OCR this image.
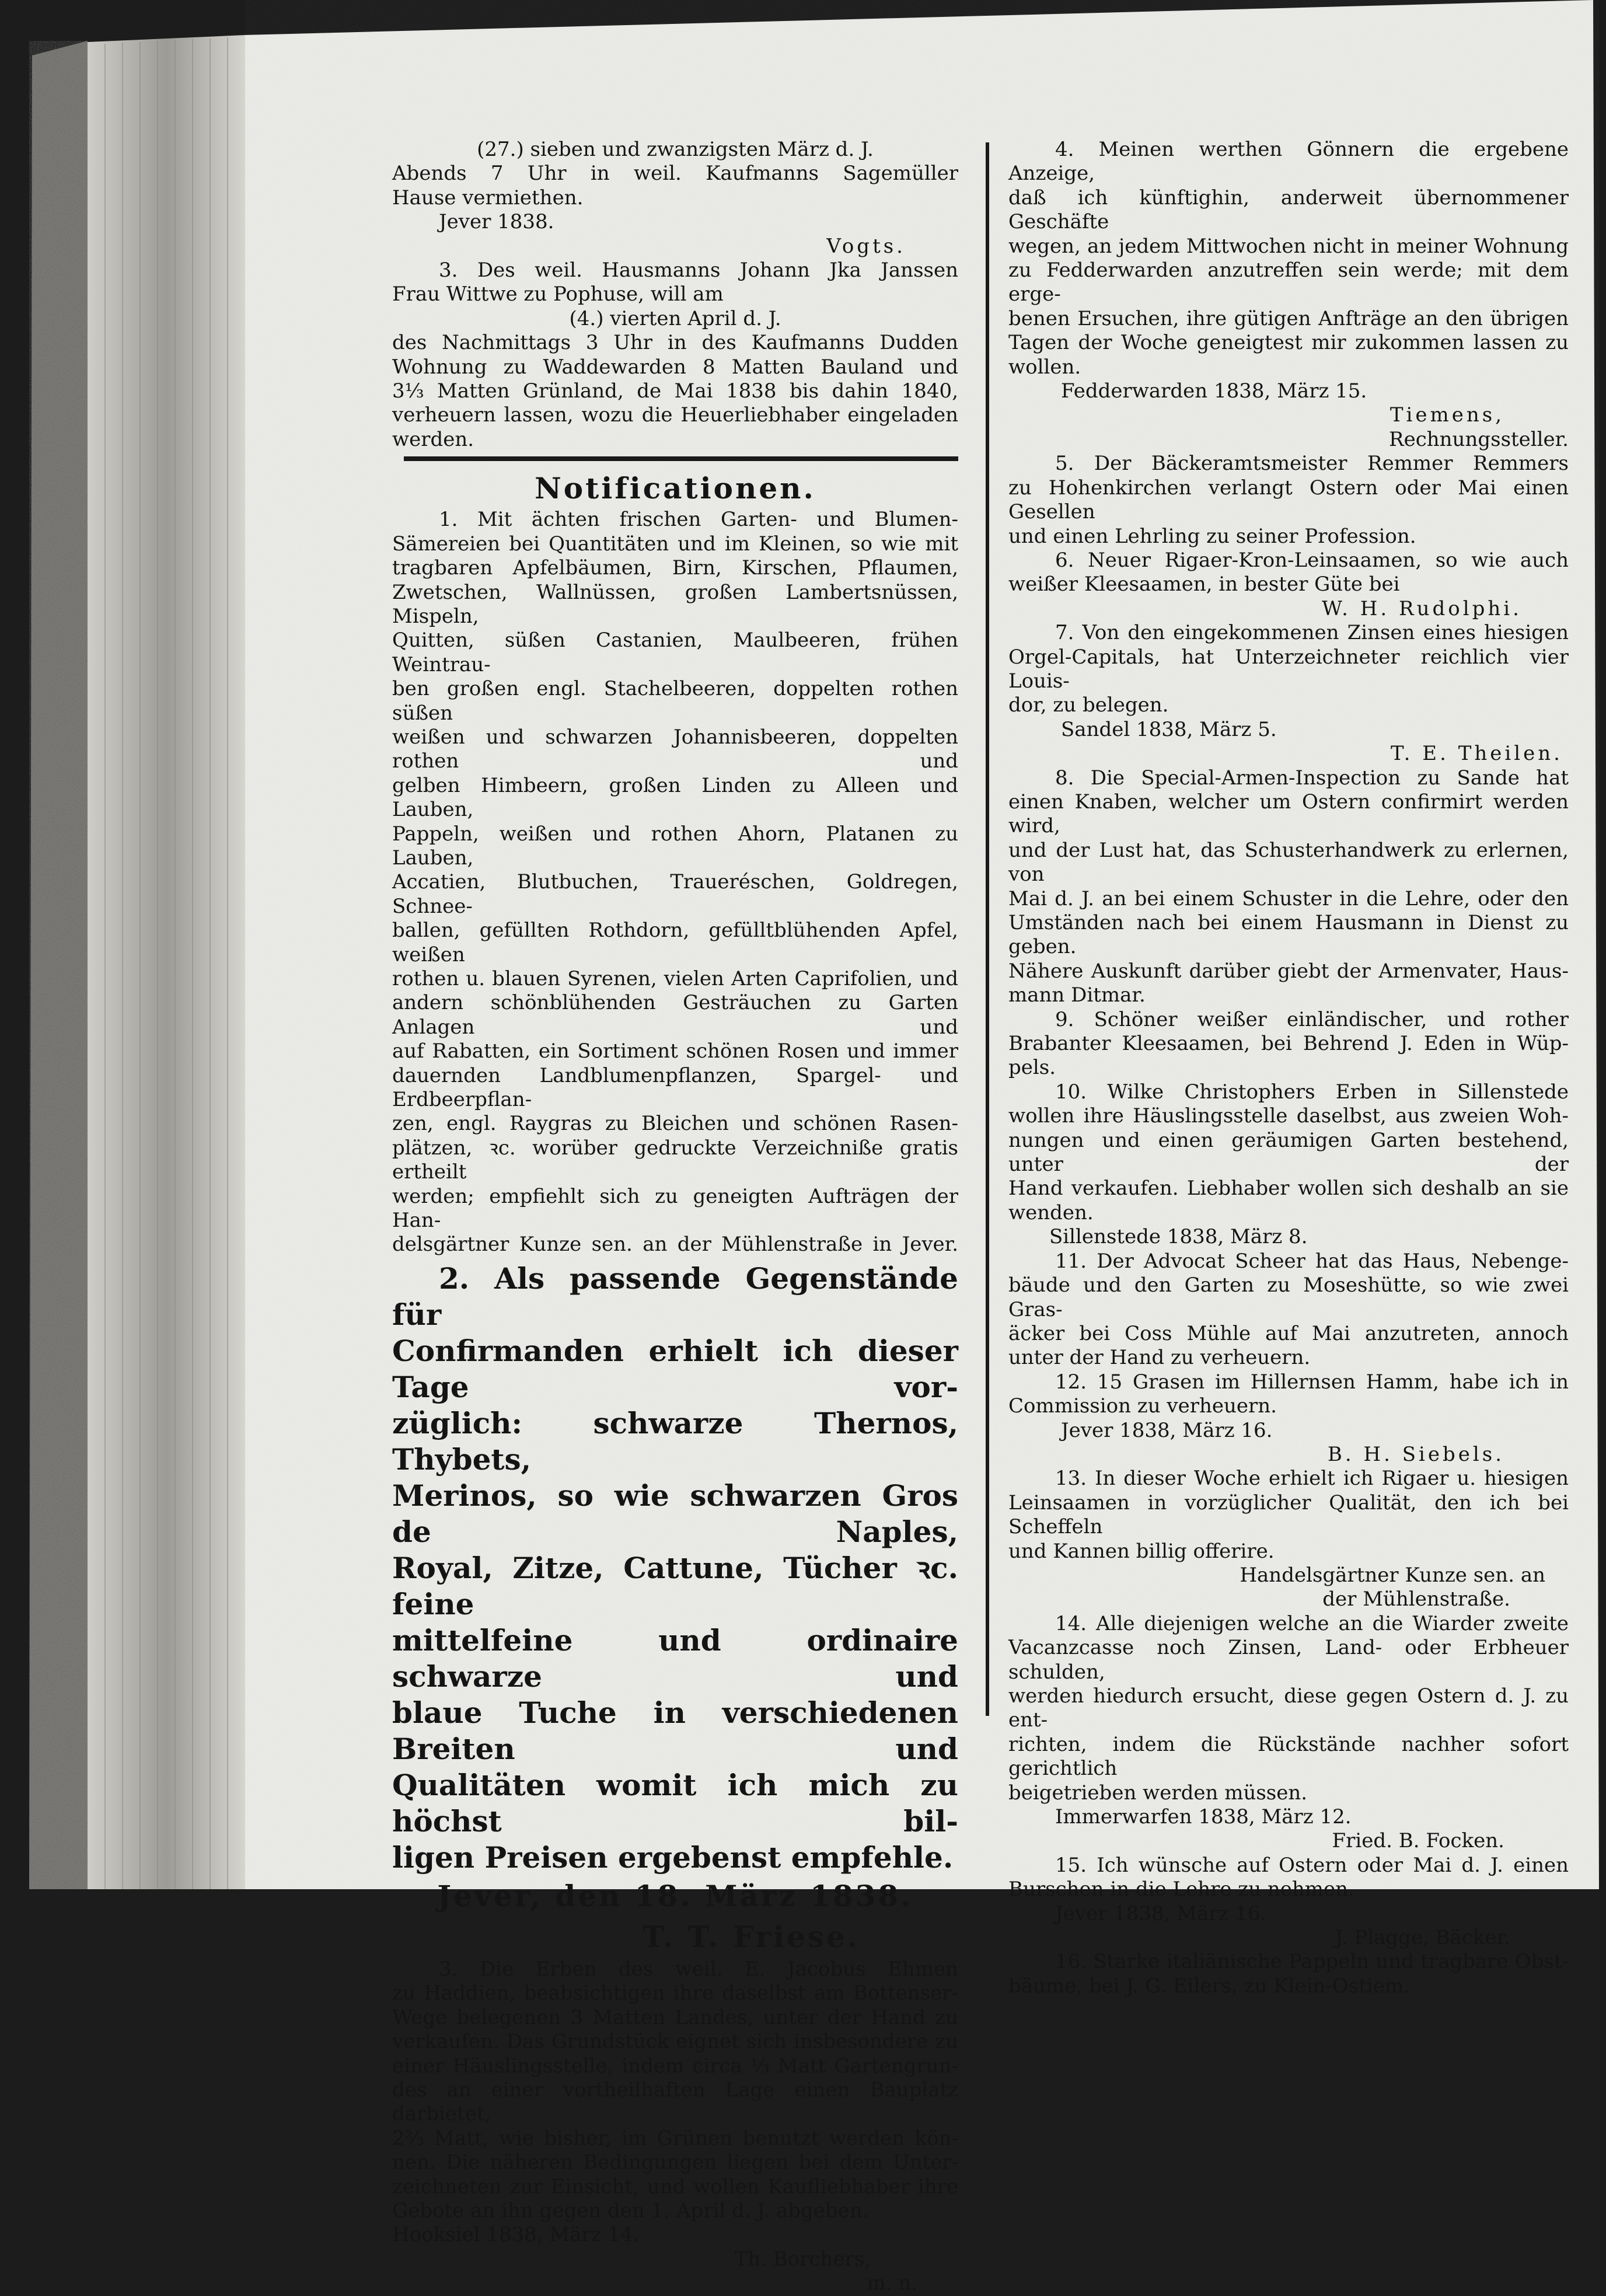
(27.) sieben und zwanzigsten März d. J.

Abends 7 Uhr in weil. Kaufmanns Sagemüller

Hause vermiethen.

Jever 1838.

Vogts.

3. Des weil. Hausmanns Johann Jka Janssen

Frau Wittwe zu Pophuse, will am

(4.) vierten April d. J.

des Nachmittags 3 Uhr in des Kaufmanns Dudden

Wohnung zu Waddewarden 8 Matten Bauland und

3⅓ Matten Grünland, de Mai 1838 bis dahin 1840,

verheuern lassen, wozu die Heuerliebhaber eingeladen

werden.

Notificationen.

1. Mit ächten frischen Garten- und Blumen-

Sämereien bei Quantitäten und im Kleinen, so wie mit

tragbaren Apfelbäumen, Birn, Kirschen, Pflaumen,

Zwetschen, Wallnüssen, großen Lambertsnüssen, Mispeln,

Quitten, süßen Castanien, Maulbeeren, frühen Weintrau-

ben großen engl. Stachelbeeren, doppelten rothen süßen

weißen und schwarzen Johannisbeeren, doppelten rothen und

gelben Himbeern, großen Linden zu Alleen und Lauben,

Pappeln, weißen und rothen Ahorn, Platanen zu Lauben,

Accatien, Blutbuchen, Traueréschen, Goldregen, Schnee-

ballen, gefüllten Rothdorn, gefülltblühenden Apfel, weißen

rothen u. blauen Syrenen, vielen Arten Caprifolien, und

andern schönblühenden Gesträuchen zu Garten Anlagen und

auf Rabatten, ein Sortiment schönen Rosen und immer

dauernden Landblumenpflanzen, Spargel- und Erdbeerpflan-

zen, engl. Raygras zu Bleichen und schönen Rasen-

plätzen, ꝛc. worüber gedruckte Verzeichniße gratis ertheilt

werden; empfiehlt sich zu geneigten Aufträgen der Han-

delsgärtner Kunze sen. an der Mühlenstraße in Jever.

2. Als passende Gegenstände für

Confirmanden erhielt ich dieser Tage vor-

züglich: schwarze Thernos, Thybets,

Merinos, so wie schwarzen Gros de Naples,

Royal, Zitze, Cattune, Tücher ꝛc. feine

mittelfeine und ordinaire schwarze und

blaue Tuche in verschiedenen Breiten und

Qualitäten womit ich mich zu höchst bil-

ligen Preisen ergebenst empfehle.

Jever, den 18. März 1838.

T. T. Friese.

3. Die Erben des weil. E. Jacobus Ehmen

zu Haddien, beabsichtigen ihre daselbst am Bottenser-

Wege belegenen 3 Matten Landes, unter der Hand zu

verkaufen. Das Grundstück eignet sich insbesondere zu

einer Häuslingsstelle, indem circa ⅓ Matt Gartengrun-

des an einer vortheilhaften Lage einen Bauplatz darbietet,

2⅔ Matt, wie bisher, im Grünen benutzt werden kön-

nen. Die näheren Bedingungen liegen bei dem Unter-

zeichneten zur Einsicht, und wollen Kaufliebhaber ihre

Gebote an ihn gegen den 1. April d. J. abgeben.

Hooksiel 1838, März 14.

Th. Borchers,

m. n.

4. Meinen werthen Gönnern die ergebene Anzeige,

daß ich künftighin, anderweit übernommener Geschäfte

wegen, an jedem Mittwochen nicht in meiner Wohnung

zu Fedderwarden anzutreffen sein werde; mit dem erge-

benen Ersuchen, ihre gütigen Anfträge an den übrigen

Tagen der Woche geneigtest mir zukommen lassen zu

wollen.

Fedderwarden 1838, März 15.

Tiemens,

Rechnungssteller.

5. Der Bäckeramtsmeister Remmer Remmers

zu Hohenkirchen verlangt Ostern oder Mai einen Gesellen

und einen Lehrling zu seiner Profession.

6. Neuer Rigaer-Kron-Leinsaamen, so wie auch

weißer Kleesaamen, in bester Güte bei

W. H. Rudolphi.

7. Von den eingekommenen Zinsen eines hiesigen

Orgel-Capitals, hat Unterzeichneter reichlich vier Louis-

dor, zu belegen.

Sandel 1838, März 5.

T. E. Theilen.

8. Die Special-Armen-Inspection zu Sande hat

einen Knaben, welcher um Ostern confirmirt werden wird,

und der Lust hat, das Schusterhandwerk zu erlernen, von

Mai d. J. an bei einem Schuster in die Lehre, oder den

Umständen nach bei einem Hausmann in Dienst zu geben.

Nähere Auskunft darüber giebt der Armenvater, Haus-

mann Ditmar.

9. Schöner weißer einländischer, und rother

Brabanter Kleesaamen, bei Behrend J. Eden in Wüp-

pels.

10. Wilke Christophers Erben in Sillenstede

wollen ihre Häuslingsstelle daselbst, aus zweien Woh-

nungen und einen geräumigen Garten bestehend, unter der

Hand verkaufen. Liebhaber wollen sich deshalb an sie

wenden.

Sillenstede 1838, März 8.

11. Der Advocat Scheer hat das Haus, Nebenge-

bäude und den Garten zu Moseshütte, so wie zwei Gras-

äcker bei Coss Mühle auf Mai anzutreten, annoch

unter der Hand zu verheuern.

12. 15 Grasen im Hillernsen Hamm, habe ich in

Commission zu verheuern.

Jever 1838, März 16.

B. H. Siebels.

13. In dieser Woche erhielt ich Rigaer u. hiesigen

Leinsaamen in vorzüglicher Qualität, den ich bei Scheffeln

und Kannen billig offerire.

Handelsgärtner Kunze sen. an

der Mühlenstraße.

14. Alle diejenigen welche an die Wiarder zweite

Vacanzcasse noch Zinsen, Land- oder Erbheuer schulden,

werden hiedurch ersucht, diese gegen Ostern d. J. zu ent-

richten, indem die Rückstände nachher sofort gerichtlich

beigetrieben werden müssen.

Immerwarfen 1838, März 12.

Fried. B. Focken.

15. Ich wünsche auf Ostern oder Mai d. J. einen

Burschen in die Lehre zu nehmen.

Jever 1838, März 16.

J. Plagge, Bäcker.

16. Starke italiänische Pappeln und tragbare Obst-

bäume, bei J. G. Eilers, zu Klein-Ostiem.
